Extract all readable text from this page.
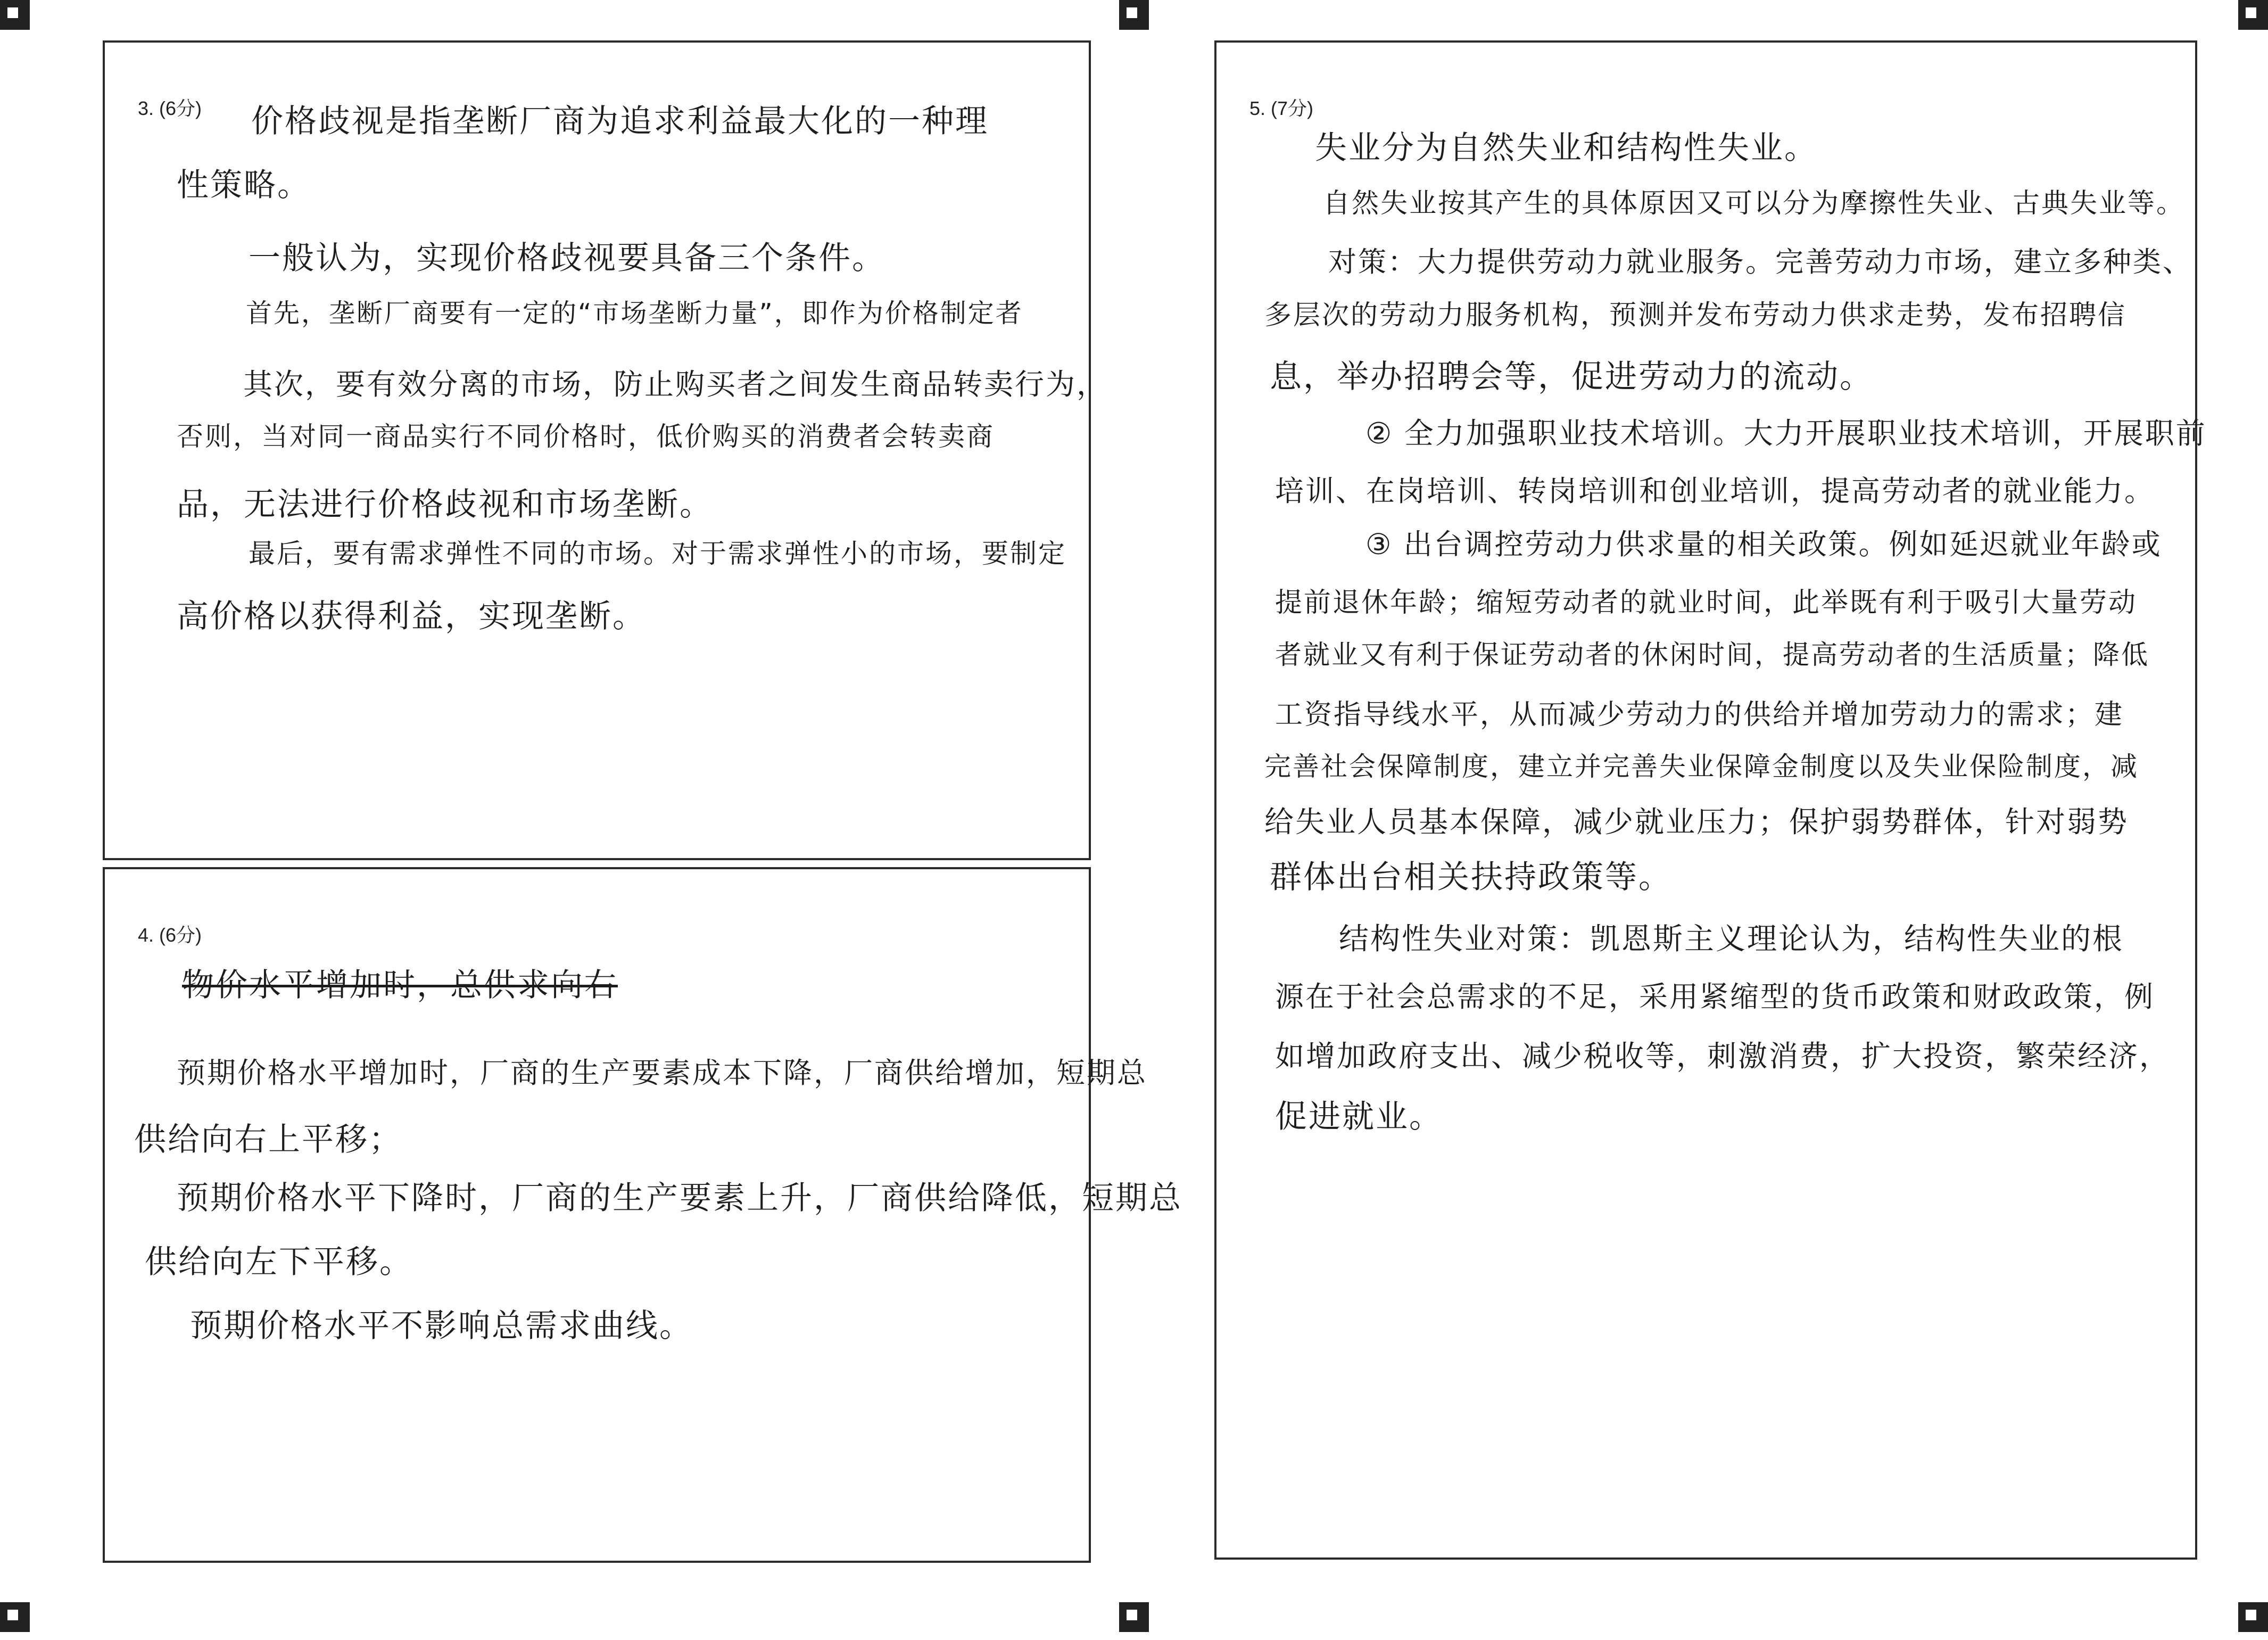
3. (6分) 价格歧视是指垄断厂商为追求利益最大化的一种理
性策略。
一般认为，实现价格歧视要具备三个条件。
首先，垄断厂商要有一定的“市场垄断力量”，即作为价格制定者
其次，要有效分离的市场，防止购买者之间发生商品转卖行为，
否则，当对同一商品实行不同价格时，低价购买的消费者会转卖商
品，无法进行价格歧视和市场垄断。
最后，要有需求弹性不同的市场。对于需求弹性小的市场，要制定
高价格以获得利益，实现垄断。
4. (6分)
物价水平增加时，总供求向右
预期价格水平增加时，厂商的生产要素成本下降，厂商供给增加，短期总
供给向右上平移；
预期价格水平下降时，厂商的生产要素上升，厂商供给降低，短期总
供给向左下平移。
预期价格水平不影响总需求曲线。
5. (7分)
失业分为自然失业和结构性失业。
自然失业按其产生的具体原因又可以分为摩擦性失业、古典失业等。
对策：大力提供劳动力就业服务。完善劳动力市场，建立多种类、
多层次的劳动力服务机构，预测并发布劳动力供求走势，发布招聘信
息，举办招聘会等，促进劳动力的流动。
② 全力加强职业技术培训。大力开展职业技术培训，开展职前
培训、在岗培训、转岗培训和创业培训，提高劳动者的就业能力。
③ 出台调控劳动力供求量的相关政策。例如延迟就业年龄或
提前退休年龄；缩短劳动者的就业时间，此举既有利于吸引大量劳动
者就业又有利于保证劳动者的休闲时间，提高劳动者的生活质量；降低
工资指导线水平，从而减少劳动力的供给并增加劳动力的需求；建
完善社会保障制度，建立并完善失业保障金制度以及失业保险制度，减
给失业人员基本保障，减少就业压力；保护弱势群体，针对弱势
群体出台相关扶持政策等。
结构性失业对策：凯恩斯主义理论认为，结构性失业的根
源在于社会总需求的不足，采用紧缩型的货币政策和财政政策，例
如增加政府支出、减少税收等，刺激消费，扩大投资，繁荣经济，
促进就业。
